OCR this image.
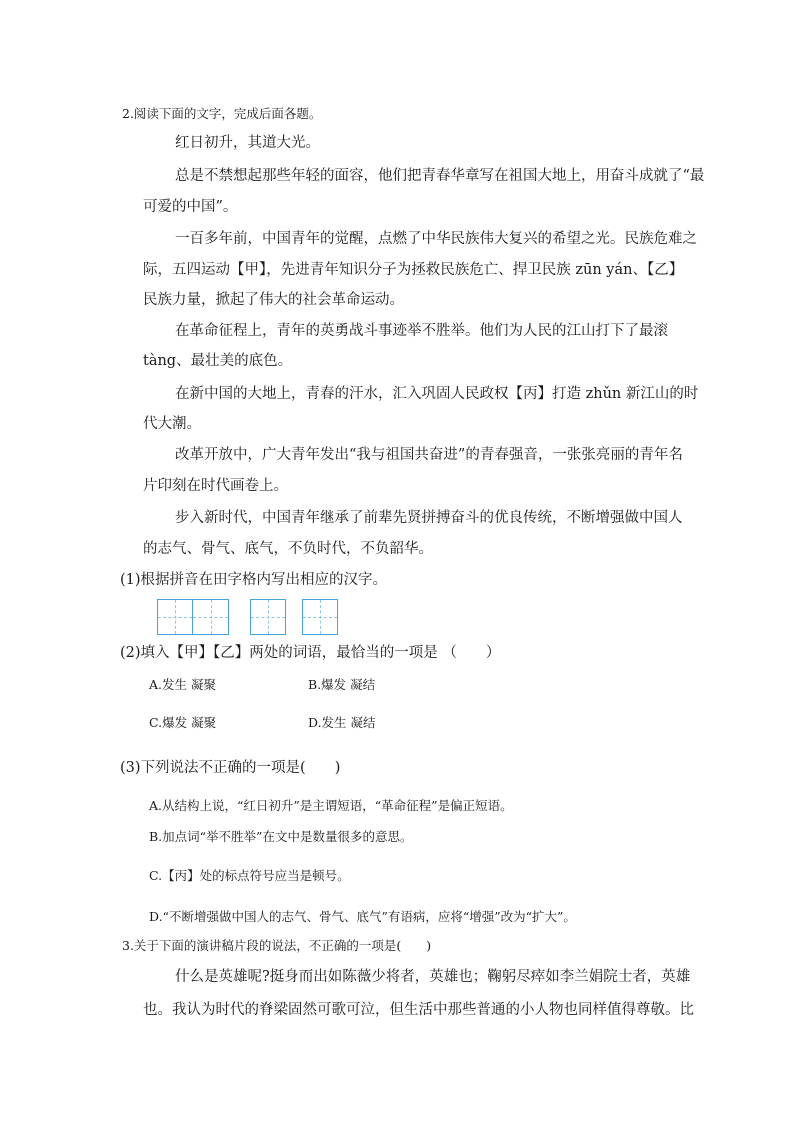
2.阅读下面的文字，完成后面各题。
红日初升，其道大光。
总是不禁想起那些年轻的面容，他们把青春华章写在祖国大地上，用奋斗成就了“最
可爱的中国”。
一百多年前，中国青年的觉醒，点燃了中华民族伟大复兴的希望之光。民族危难之
际，五四运动【甲】，先进青年知识分子为拯救民族危亡、捍卫民族 zūn yán、【乙】
民族力量，掀起了伟大的社会革命运动。
在革命征程上，青年的英勇战斗事迹举不胜举。他们为人民的江山打下了最滚
tàng、最壮美的底色。
在新中国的大地上，青春的汗水，汇入巩固人民政权【丙】打造 zhǔn 新江山的时
代大潮。
改革开放中，广大青年发出“我与祖国共奋进”的青春强音，一张张亮丽的青年名
片印刻在时代画卷上。
步入新时代，中国青年继承了前辈先贤拼搏奋斗的优良传统，不断增强做中国人
的志气、骨气、底气，不负时代，不负韶华。
(1)根据拼音在田字格内写出相应的汉字。
(2)填入【甲】【乙】两处的词语，最恰当的一项是 （　　）
A.发生 凝聚	B.爆发 凝结
C.爆发 凝聚	D.发生 凝结
(3)下列说法不正确的一项是(　　)
A.从结构上说，“红日初升”是主谓短语，“革命征程”是偏正短语。
B.加点词“举不胜举”在文中是数量很多的意思。
C.【丙】处的标点符号应当是顿号。
D.“不断增强做中国人的志气、骨气、底气”有语病，应将“增强”改为“扩大”。
3.关于下面的演讲稿片段的说法，不正确的一项是(　　)
什么是英雄呢?挺身而出如陈薇少将者，英雄也；鞠躬尽瘁如李兰娟院士者，英雄
也。我认为时代的脊梁固然可歌可泣，但生活中那些普通的小人物也同样值得尊敬。比
